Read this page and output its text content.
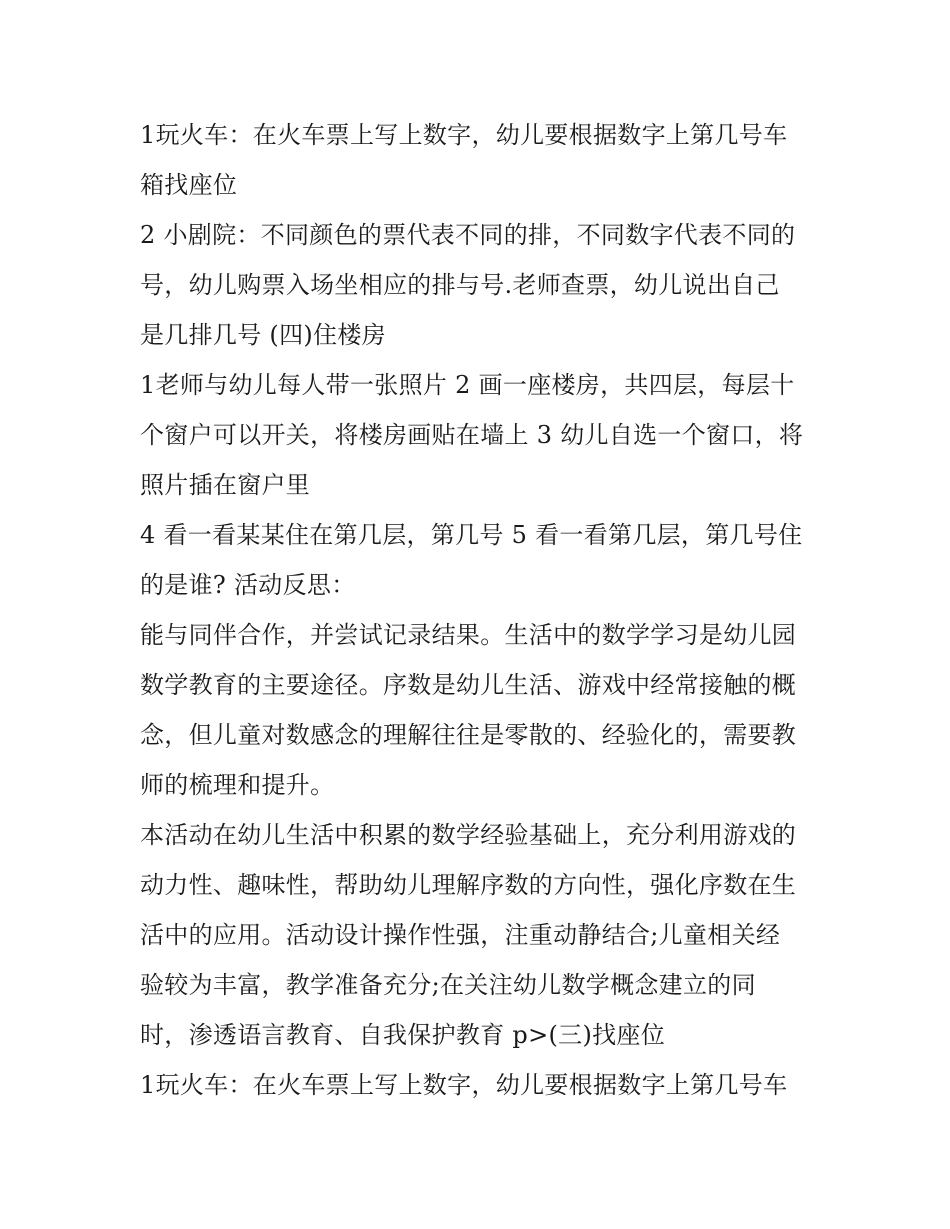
1玩火车：在火车票上写上数字，幼儿要根据数字上第几号车
箱找座位
2 小剧院：不同颜色的票代表不同的排，不同数字代表不同的
号，幼儿购票入场坐相应的排与号.老师查票，幼儿说出自己
是几排几号 (四)住楼房
1老师与幼儿每人带一张照片 2 画一座楼房，共四层，每层十
个窗户可以开关，将楼房画贴在墙上 3 幼儿自选一个窗口，将
照片插在窗户里
4 看一看某某住在第几层，第几号 5 看一看第几层，第几号住
的是谁? 活动反思：
能与同伴合作，并尝试记录结果。生活中的数学学习是幼儿园
数学教育的主要途径。序数是幼儿生活、游戏中经常接触的概
念，但儿童对数感念的理解往往是零散的、经验化的，需要教
师的梳理和提升。
本活动在幼儿生活中积累的数学经验基础上，充分利用游戏的
动力性、趣味性，帮助幼儿理解序数的方向性，强化序数在生
活中的应用。活动设计操作性强，注重动静结合;儿童相关经
验较为丰富，教学准备充分;在关注幼儿数学概念建立的同
时，渗透语言教育、自我保护教育 p>(三)找座位
1玩火车：在火车票上写上数字，幼儿要根据数字上第几号车
